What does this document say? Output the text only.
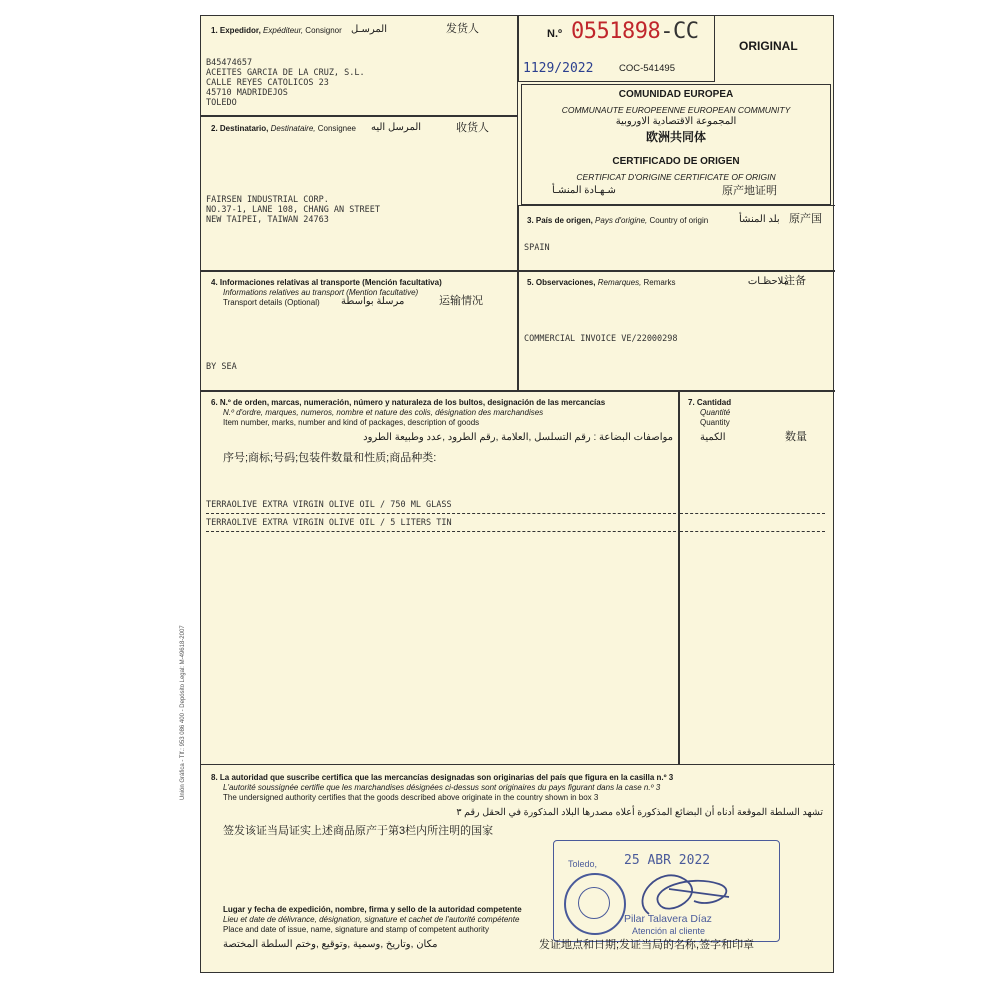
Unión Gráfica - Tlf.: 953 086 400 - Depósito Legal: M-49618-2007
1. Expedidor, Expéditeur, Consignor المرسـل	发货人
B45474657
ACEITES GARCIA DE LA CRUZ, S.L.
CALLE REYES CATOLICOS 23
45710 MADRIDEJOS
TOLEDO
N.º 0551898-CC
1129/2022	COC-541495
ORIGINAL
COMUNIDAD EUROPEA
COMMUNAUTE EUROPEENNE EUROPEAN COMMUNITY
المجموعة الاقتصادية الاوروبية
欧洲共同体
CERTIFICADO DE ORIGEN
CERTIFICAT D'ORIGINE CERTIFICATE OF ORIGIN
شـهـادة المنشـأ	原产地证明
2. Destinatario, Destinataire, Consignee المرسل اليه	收货人
FAIRSEN INDUSTRIAL CORP.
NO.37-1, LANE 108, CHANG AN STREET
NEW TAIPEI, TAIWAN 24763	3. País de origen, Pays d'origine, Country of origin	بلد المنشأ 原产国
SPAIN
4. Informaciones relativas al transporte (Mención facultativa)
Informations relatives au transport (Mention facultative)
Transport details (Optional) مرسلة بواسطة	运输情况
BY SEA
5. Observaciones, Remarques, Remarks	ملاحظـات
注备
COMMERCIAL INVOICE VE/22000298
6. N.º de orden, marcas, numeración, número y naturaleza de los bultos, designación de las mercancías
N.º d'ordre, marques, numeros, nombre et nature des colis, désignation des marchandises
Item number, marks, number and kind of packages, description of goods
مواصفات البضاعة : رقم التسلسل ,العلامة ,رقم الطرود ,عدد وطبيعة الطرود
序号;商标;号码;包装件数量和性质;商品种类:
TERRAOLIVE EXTRA VIRGIN OLIVE OIL / 750 ML GLASS
TERRAOLIVE EXTRA VIRGIN OLIVE OIL / 5 LITERS TIN
7. Cantidad
Quantité
Quantity
الكمية	数量
8. La autoridad que suscribe certifica que las mercancías designadas son originarias del país que figura en la casilla n.º 3
L'autorité soussignée certifie que les marchandises désignées ci-dessus sont originaires du pays figurant dans la case n.º 3
The undersigned authority certifies that the goods described above originate in the country shown in box 3
تشهد السلطة الموقعة أدناه أن البضائع المذكورة أعلاه مصدرها البلاد المذكورة في الحقل رقم ٣
签发该证当局证实上述商品原产于第3栏内所注明的国家
Toledo, 25 ABR 2022
Pilar Talavera Díaz
Atención al cliente
Lugar y fecha de expedición, nombre, firma y sello de la autoridad competente
Lieu et date de délivrance, désignation, signature et cachet de l'autorité compétente
Place and date of issue, name, signature and stamp of competent authority
مكان ,وتاريخ ,وسمية ,وتوقيع ,وختم السلطة المختصة	发证地点和日期;发证当局的名称,签字和印章
